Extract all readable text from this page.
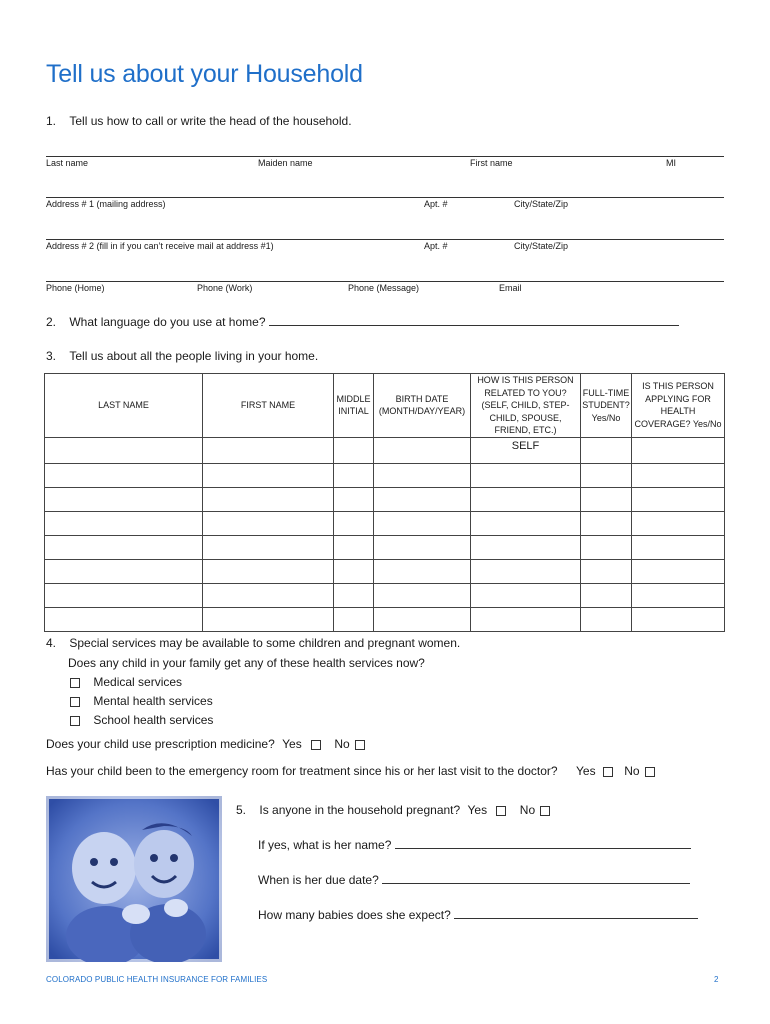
Tell us about your Household
1. Tell us how to call or write the head of the household.
Last name	Maiden name	First name	MI
Address # 1 (mailing address)	Apt. #	City/State/Zip
Address # 2 (fill in if you can’t receive mail at address #1)	Apt. #	City/State/Zip
Phone (Home)	Phone (Work)	Phone (Message)	Email
2. What language do you use at home?
3. Tell us about all the people living in your home.
LAST NAME	FIRST NAME	MIDDLE INITIAL	BIRTH DATE (MONTH/DAY/YEAR)	HOW IS THIS PERSON RELATED TO YOU? (SELF, CHILD, STEP-CHILD, SPOUSE, FRIEND, ETC.)	FULL-TIME STUDENT? Yes/No	IS THIS PERSON APPLYING FOR HEALTH COVERAGE? Yes/No
				SELF		

4. Special services may be available to some children and pregnant women.
Does any child in your family get any of these health services now?
Medical services
Mental health services
School health services
Does your child use prescription medicine? Yes	No
Has your child been to the emergency room for treatment since his or her last visit to the doctor? Yes No
5. Is anyone in the household pregnant? Yes	No
If yes, what is her name?
When is her due date?
How many babies does she expect?
COLORADO PUBLIC HEALTH INSURANCE FOR FAMILIES	2
